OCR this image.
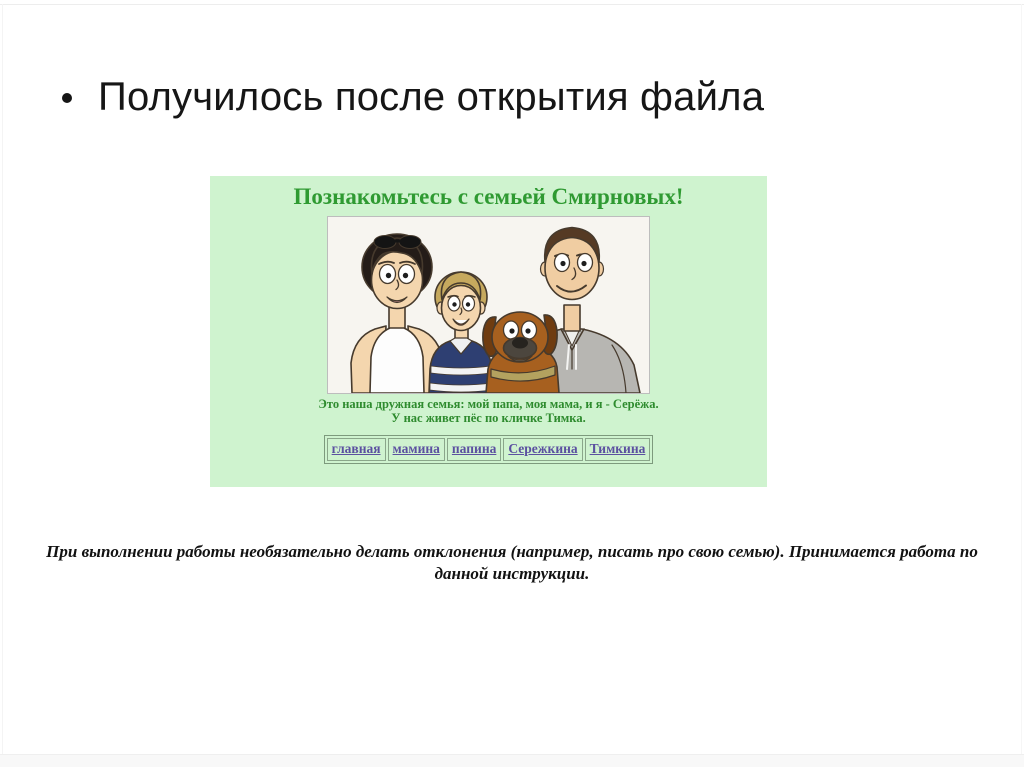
Получилось после открытия файла
Познакомьтесь с семьей Смирновых!
Это наша дружная семья: мой папа, моя мама, и я - Серёжа.
У нас живет пёс по кличке Тимка.
главная	мамина	папина	Сережкина	Тимкина
При выполнении работы необязательно делать отклонения (например, писать про свою семью). Принимается работа по данной инструкции.
